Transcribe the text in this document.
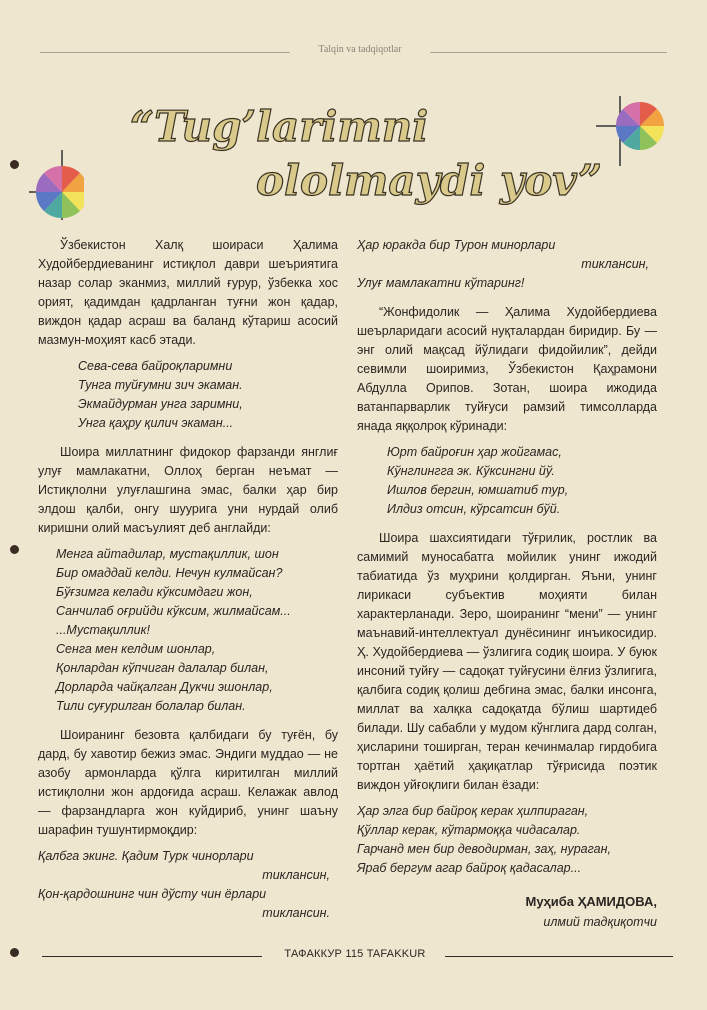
Talqin va tadqiqotlar
“Tug’larimni
ololmaydi yov”

Ўзбекистон Халқ шоираси Ҳалима Худойбердиеванинг истиқлол даври шеъриятига назар солар эканмиз, миллий ғурур, ўзбекка хос орият, қадимдан қадрланган туғни жон қадар, виждон қадар асраш ва баланд кўтариш асосий мазмун-моҳият касб этади.

Сева-сева байроқларимни
Тунга туйғумни зич экаман.
Экмайдурман унга заримни,
Унга қаҳру қилич экаман...

Шоира миллатнинг фидокор фарзанди янглиғ улуғ мамлакатни, Оллоҳ берган неъмат — Истиқлолни улуғлашгина эмас, балки ҳар бир элдош қалби, онгу шуурига уни нурдай олиб киришни олий масъулият деб англайди:

Менга айтадилар, мустақиллик, шон
Бир омаддай келди. Нечун кулмайсан?
Бўғзимга келади кўксимдаги жон,
Санчилаб оғрийди кўксим, жилмайсам...
...Мустақиллик!
Сенга мен келдим шонлар,
Қонлардан кўпчиган далалар билан,
Дорларда чайқалган Дукчи эшонлар,
Тили суғурилган болалар билан.

Шоиранинг безовта қалбидаги бу туғён, бу дард, бу хавотир бежиз эмас. Эндиги муддао — не азобу армонларда қўлга киритилган миллий истиқлолни жон ардоғида асраш. Келажак авлод — фарзандларга жон куйдириб, унинг шаъну шарафин тушунтирмоқдир:

Қалбга экинг. Қадим Турк чинорлари
тиклансин,
Қон-қардошнинг чин дўсту чин ёрлари
тиклансин.
Ҳар юракда бир Турон минорлари
тиклансин,
Улуғ мамлакатни кўтаринг!

“Жонфидолик — Ҳалима Худойбердиева шеърларидаги асосий нуқталардан биридир. Бу — энг олий мақсад йўлидаги фидойилик”, дейди севимли шоиримиз, Ўзбекистон Қаҳрамони Абдулла Орипов. Зотан, шоира ижодида ватанпарварлик туйғуси рамзий тимсолларда янада яққолроқ кўринади:

Юрт байроғин ҳар жойгамас,
Кўнглингга эк. Кўксингни йў.
Ишлов бергин, юмшатиб тур,
Илдиз отсин, кўрсатсин бўй.

Шоира шахсиятидаги тўғрилик, ростлик ва самимий муносабатга мойилик унинг ижодий табиатида ўз муҳрини қолдирган. Яъни, унинг лирикаси субъектив моҳияти билан характерланади. Зеро, шоиранинг “мени” — унинг маънавий-интеллектуал дунёсининг инъикосидир. Ҳ. Худойбердиева — ўзлигига содиқ шоира. У буюк инсоний туйғу — садоқат туйғусини ёлғиз ўзлигига, қалбига содиқ қолиш дебгина эмас, балки инсонга, миллат ва халқка садоқатда бўлиш шартидеб билади. Шу сабабли у мудом кўнглига дард солган, ҳисларини тоширган, теран кечинмалар гирдобига тортган ҳаётий ҳақиқатлар тўғрисида поэтик виждон уйғоқлиги билан ёзади:

Ҳар элга бир байроқ керак ҳилпираган,
Қўллар керак, кўтармоққа чидасалар.
Гарчанд мен бир деводирман, заҳ, нураган,
Яраб бергум агар байроқ қадасалар...
Муҳиба ҲАМИДОВА,
илмий тадқиқотчи
ТАФАККУР 115 TAFAKKUR
